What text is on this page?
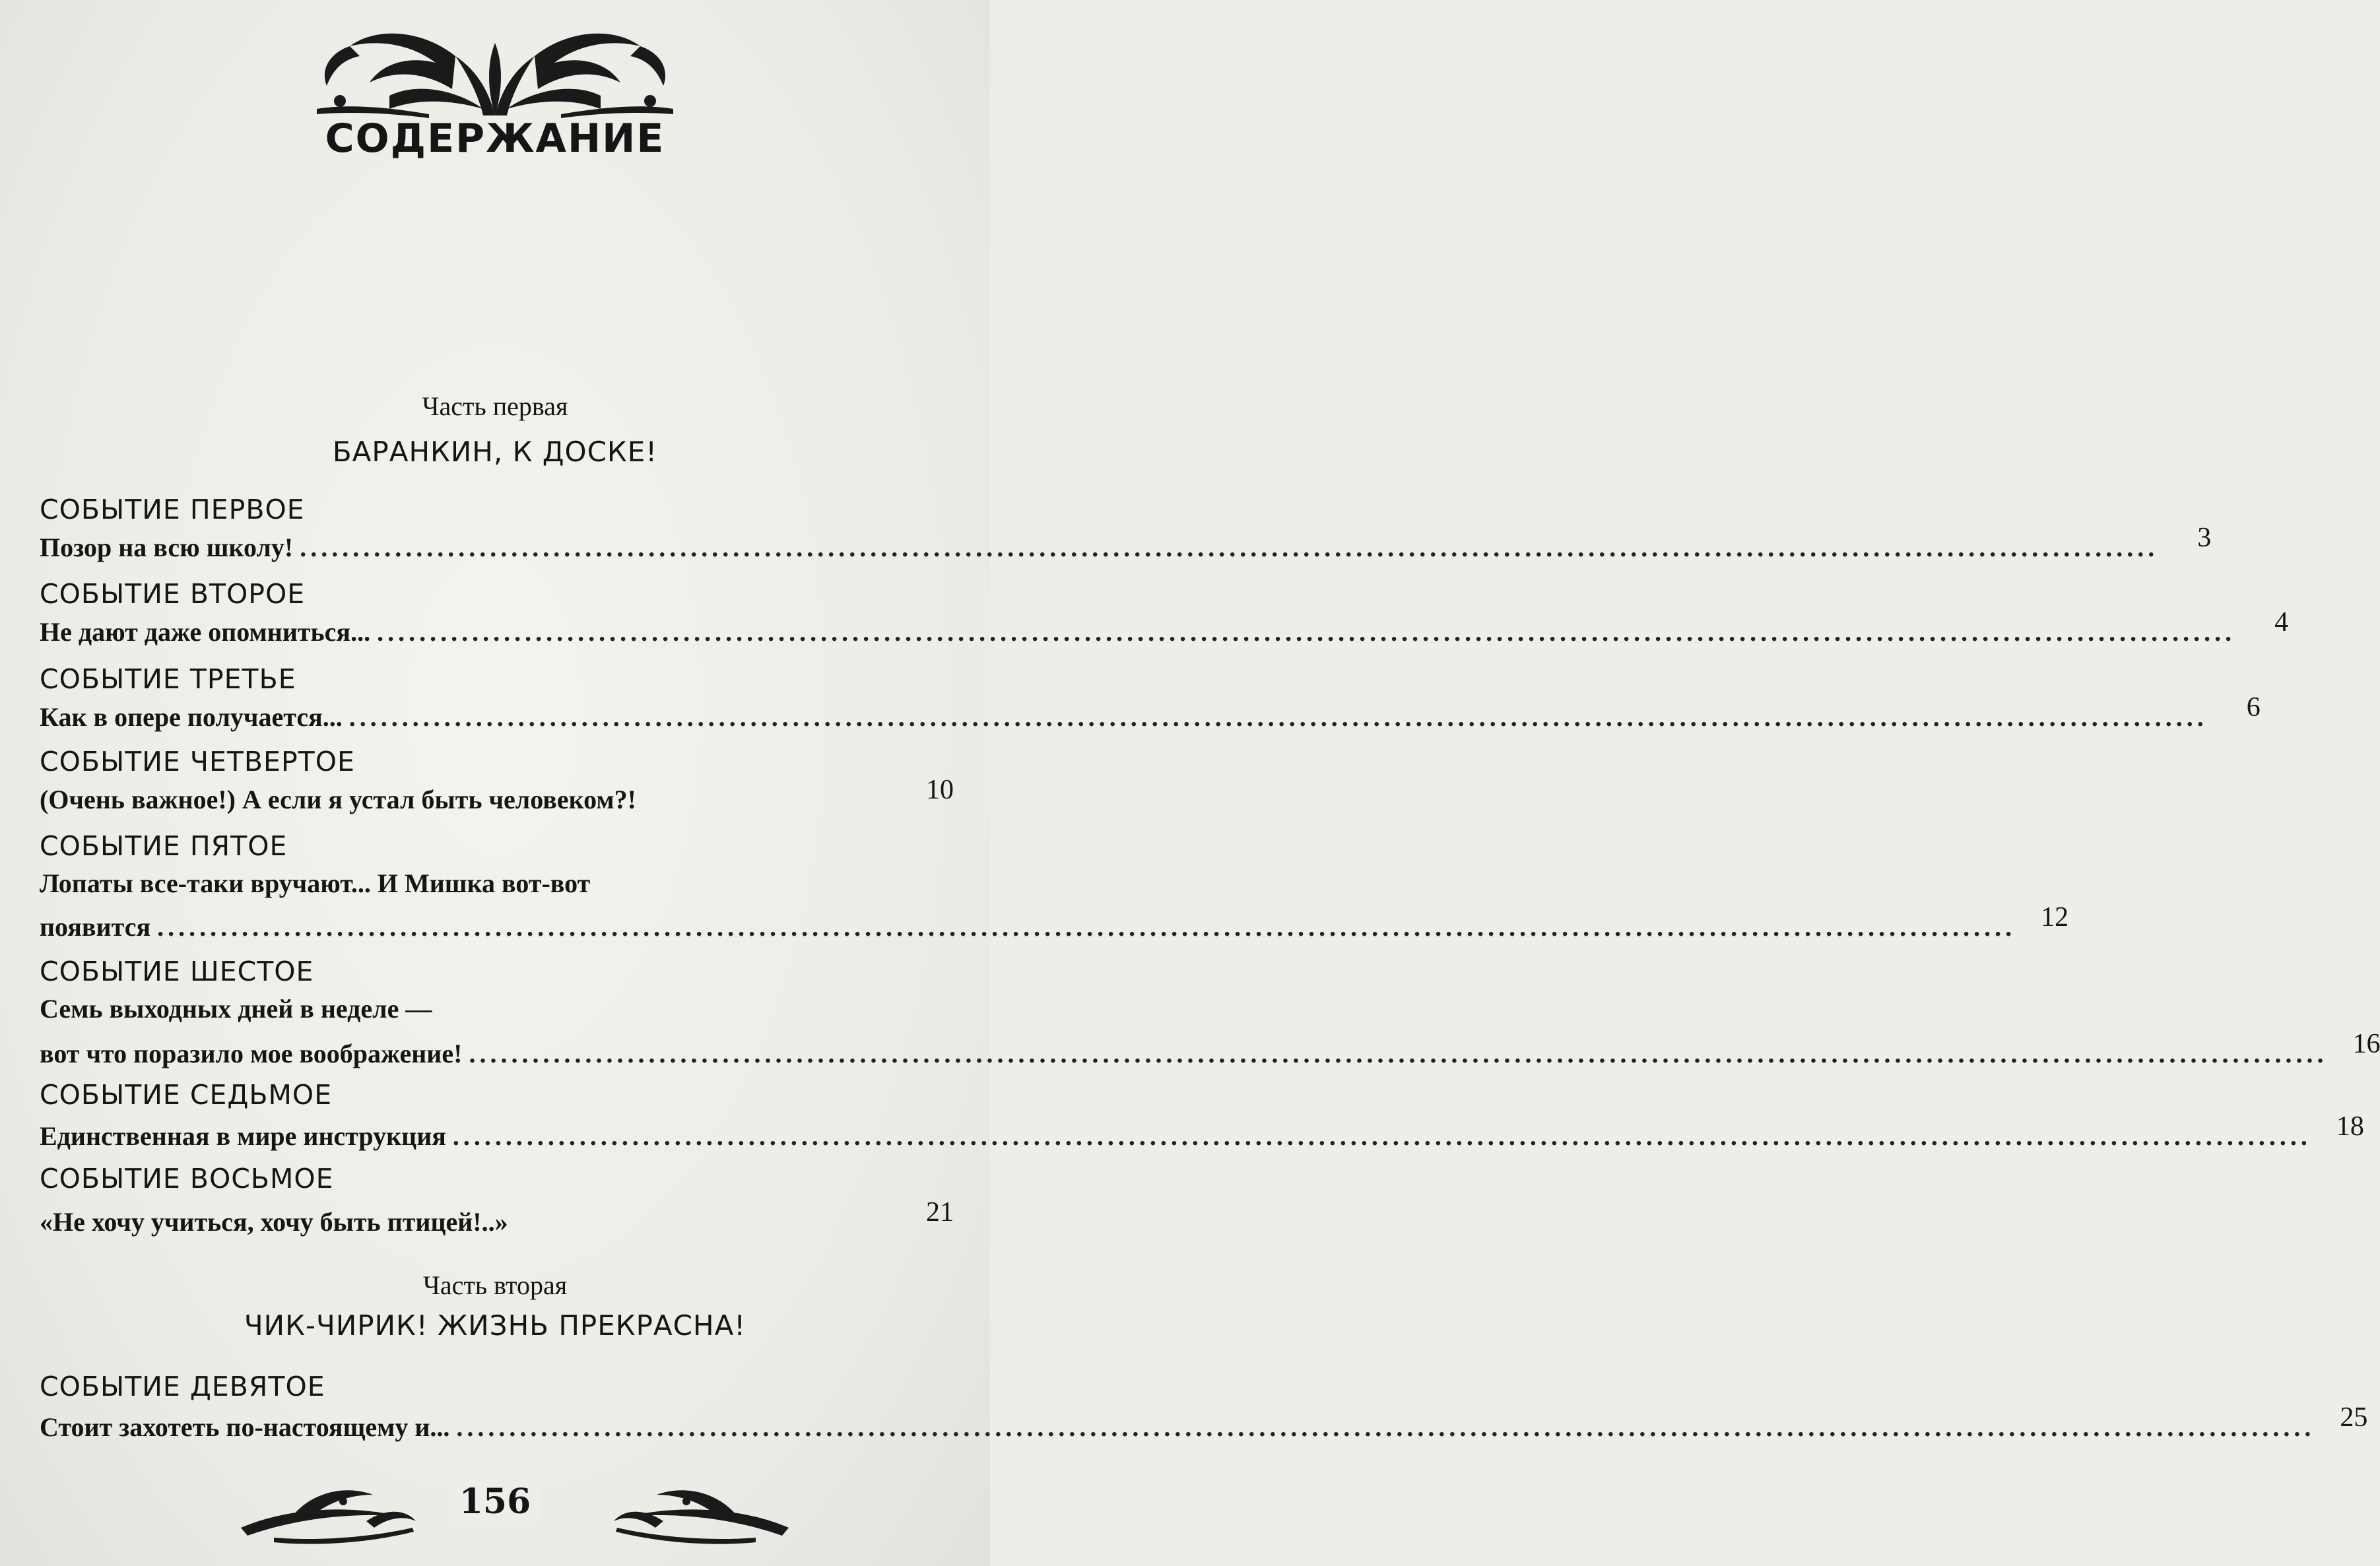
СОДЕРЖАНИЕ
Часть первая
БАРАНКИН, К ДОСКЕ!
СОБЫТИЕ ПЕРВОЕ
Позор на всю школу! ................................................................................................................................................................................	3
СОБЫТИЕ ВТОРОЕ
Не дают даже опомниться... ................................................................................................................................................................................	4
СОБЫТИЕ ТРЕТЬЕ
Как в опере получается... ................................................................................................................................................................................	6
СОБЫТИЕ ЧЕТВЕРТОЕ
(Очень важное!) А если я устал быть человеком?!	10
СОБЫТИЕ ПЯТОЕ
Лопаты все-таки вручают... И Мишка вот-вот
появится ................................................................................................................................................................................ 12
СОБЫТИЕ ШЕСТОЕ
Семь выходных дней в неделе —
вот что поразило мое воображение! ................................................................................................................................................................................ 16
СОБЫТИЕ СЕДЬМОЕ
Единственная в мире инструкция ................................................................................................................................................................................ 18
СОБЫТИЕ ВОСЬМОЕ
«Не хочу учиться, хочу быть птицей!..»	21
Часть вторая
ЧИК-ЧИРИК! ЖИЗНЬ ПРЕКРАСНА!
СОБЫТИЕ ДЕВЯТОЕ
Стоит захотеть по-настоящему и... ................................................................................................................................................................................ 25
156
